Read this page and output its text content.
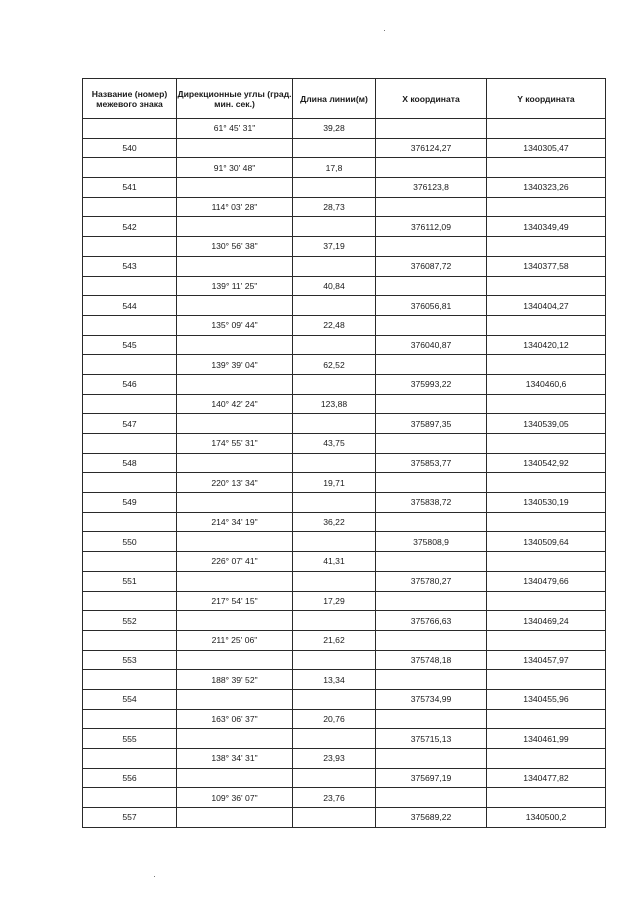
Название (номер) межевого знака	Дирекционные углы (град. мин. сек.)	Длина линии(м)	X координата	Y координата
	61° 45' 31"	39,28		
540			376124,27	1340305,47
	91° 30' 48"	17,8		
541			376123,8	1340323,26
	114° 03' 28"	28,73		
542			376112,09	1340349,49
	130° 56' 38"	37,19		
543			376087,72	1340377,58
	139° 11' 25"	40,84		
544			376056,81	1340404,27
	135° 09' 44"	22,48		
545			376040,87	1340420,12
	139° 39' 04"	62,52		
546			375993,22	1340460,6
	140° 42' 24"	123,88		
547			375897,35	1340539,05
	174° 55' 31"	43,75		
548			375853,77	1340542,92
	220° 13' 34"	19,71		
549			375838,72	1340530,19
	214° 34' 19"	36,22		
550			375808,9	1340509,64
	226° 07' 41"	41,31		
551			375780,27	1340479,66
	217° 54' 15"	17,29		
552			375766,63	1340469,24
	211° 25' 06"	21,62		
553			375748,18	1340457,97
	188° 39' 52"	13,34		
554			375734,99	1340455,96
	163° 06' 37"	20,76		
555			375715,13	1340461,99
	138° 34' 31"	23,93		
556			375697,19	1340477,82
	109° 36' 07"	23,76		
557			375689,22	1340500,2
